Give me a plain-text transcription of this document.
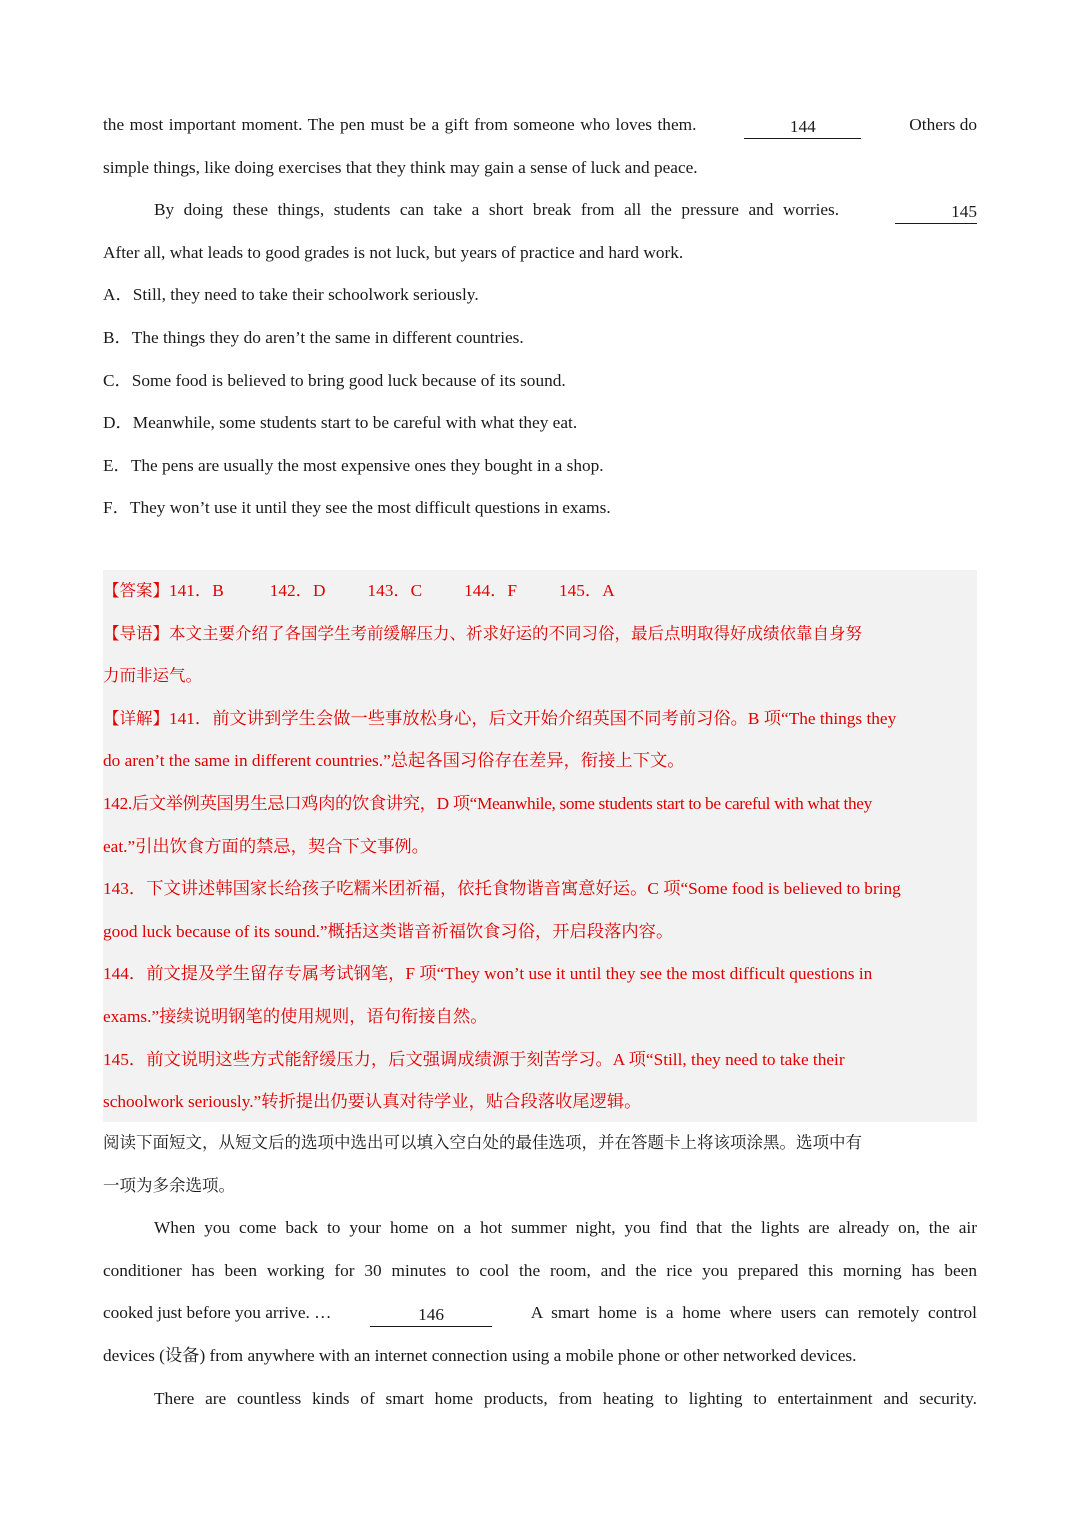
the most important moment. The pen must be a gift from someone who loves them.	144	Others do
simple things, like doing exercises that they think may gain a sense of luck and peace.
By doing these things, students can take a short break from all the pressure and worries.	145
After all, what leads to good grades is not luck, but years of practice and hard work.
A．Still, they need to take their schoolwork seriously.
B．The things they do aren’t the same in different countries.
C．Some food is believed to bring good luck because of its sound.
D．Meanwhile, some students start to be careful with what they eat.
E．The pens are usually the most expensive ones they bought in a shop.
F．They won’t use it until they see the most difficult questions in exams.
【答案】141．B	142．D 143．C 144．F 145．A
【导语】本文主要介绍了各国学生考前缓解压力、祈求好运的不同习俗，最后点明取得好成绩依靠自身努
力而非运气。
【详解】141．前文讲到学生会做一些事放松身心，后文开始介绍英国不同考前习俗。B 项“The things they
do aren’t the same in different countries.”总起各国习俗存在差异，衔接上下文。
142.后文举例英国男生忌口鸡肉的饮食讲究，D 项“Meanwhile, some students start to be careful with what they
eat.”引出饮食方面的禁忌，契合下文事例。
143．下文讲述韩国家长给孩子吃糯米团祈福，依托食物谐音寓意好运。C 项“Some food is believed to bring
good luck because of its sound.”概括这类谐音祈福饮食习俗，开启段落内容。
144．前文提及学生留存专属考试钢笔，F 项“They won’t use it until they see the most difficult questions in
exams.”接续说明钢笔的使用规则，语句衔接自然。
145．前文说明这些方式能舒缓压力，后文强调成绩源于刻苦学习。A 项“Still, they need to take their
schoolwork seriously.”转折提出仍要认真对待学业，贴合段落收尾逻辑。
阅读下面短文，从短文后的选项中选出可以填入空白处的最佳选项，并在答题卡上将该项涂黑。选项中有
一项为多余选项。
When you come back to your home on a hot summer night, you find that the lights are already on, the air
conditioner has been working for 30 minutes to cool the room, and the rice you prepared this morning has been
cooked just before you arrive. …	146	A smart home is a home where users can remotely control
devices (设备) from anywhere with an internet connection using a mobile phone or other networked devices.
There are countless kinds of smart home products, from heating to lighting to entertainment and security.
